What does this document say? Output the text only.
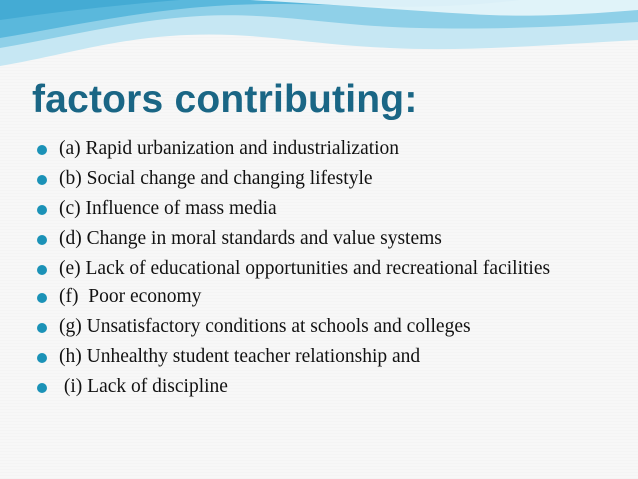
factors contributing:
(a) Rapid urbanization and industrialization
(b) Social change and changing lifestyle
(c) Influence of mass media
(d) Change in moral standards and value systems
(e) Lack of educational opportunities and recreational facilities
(f)  Poor economy
(g) Unsatisfactory conditions at schools and colleges
(h) Unhealthy student teacher relationship and
(i) Lack of discipline
